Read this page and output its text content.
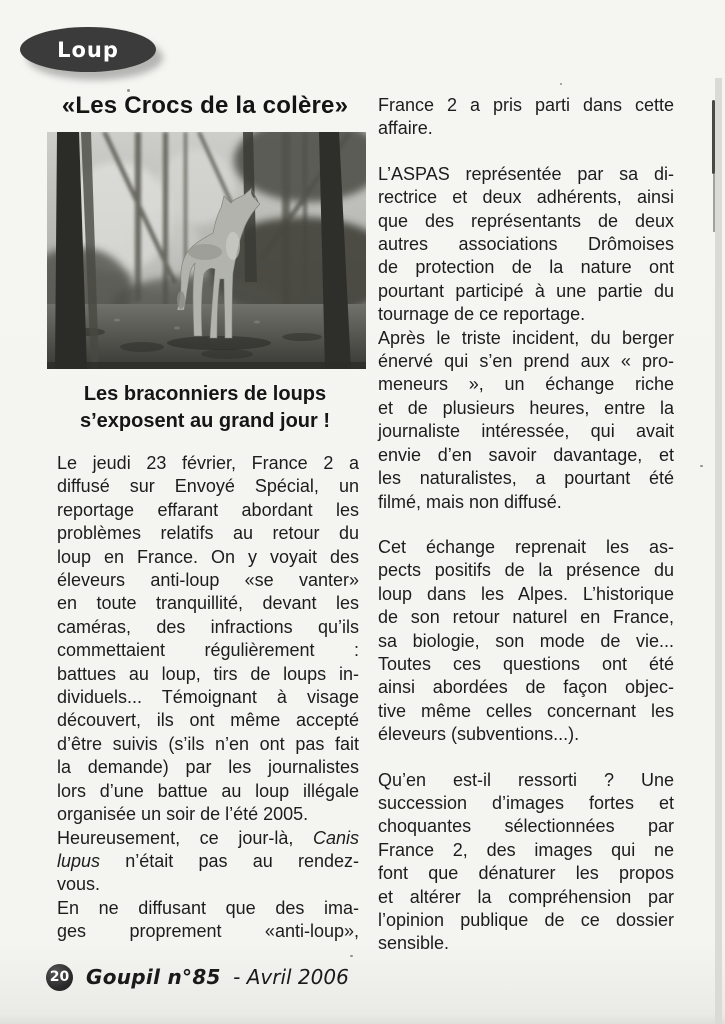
Loup
«Les Crocs de la colère»
Les braconniers de loups
s’exposent au grand jour !
Le jeudi 23 février, France 2 a
diffusé sur Envoyé Spécial, un
reportage effarant abordant les
problèmes relatifs au retour du
loup en France. On y voyait des
éleveurs anti-loup «se vanter»
en toute tranquillité, devant les
caméras, des infractions qu’ils
commettaient régulièrement :
battues au loup, tirs de loups in-
dividuels... Témoignant à visage
découvert, ils ont même accepté
d’être suivis (s’ils n’en ont pas fait
la demande) par les journalistes
lors d’une battue au loup illégale
organisée un soir de l’été 2005.
Heureusement, ce jour-là, Canis
lupus n’était pas au rendez-
vous.
En ne diffusant que des ima-
ges proprement «anti-loup»,
France 2 a pris parti dans cette
affaire.
L’ASPAS représentée par sa di-
rectrice et deux adhérents, ainsi
que des représentants de deux
autres associations Drômoises
de protection de la nature ont
pourtant participé à une partie du
tournage de ce reportage.
Après le triste incident, du berger
énervé qui s’en prend aux « pro-
meneurs », un échange riche
et de plusieurs heures, entre la
journaliste intéressée, qui avait
envie d’en savoir davantage, et
les naturalistes, a pourtant été
filmé, mais non diffusé.
Cet échange reprenait les as-
pects positifs de la présence du
loup dans les Alpes. L’historique
de son retour naturel en France,
sa biologie, son mode de vie...
Toutes ces questions ont été
ainsi abordées de façon objec-
tive même celles concernant les
éleveurs (subventions...).
Qu’en est-il ressorti ? Une
succession d’images fortes et
choquantes sélectionnées par
France 2, des images qui ne
font que dénaturer les propos
et altérer la compréhension par
l’opinion publique de ce dossier
sensible.
20 Goupil n°85 - Avril 2006
